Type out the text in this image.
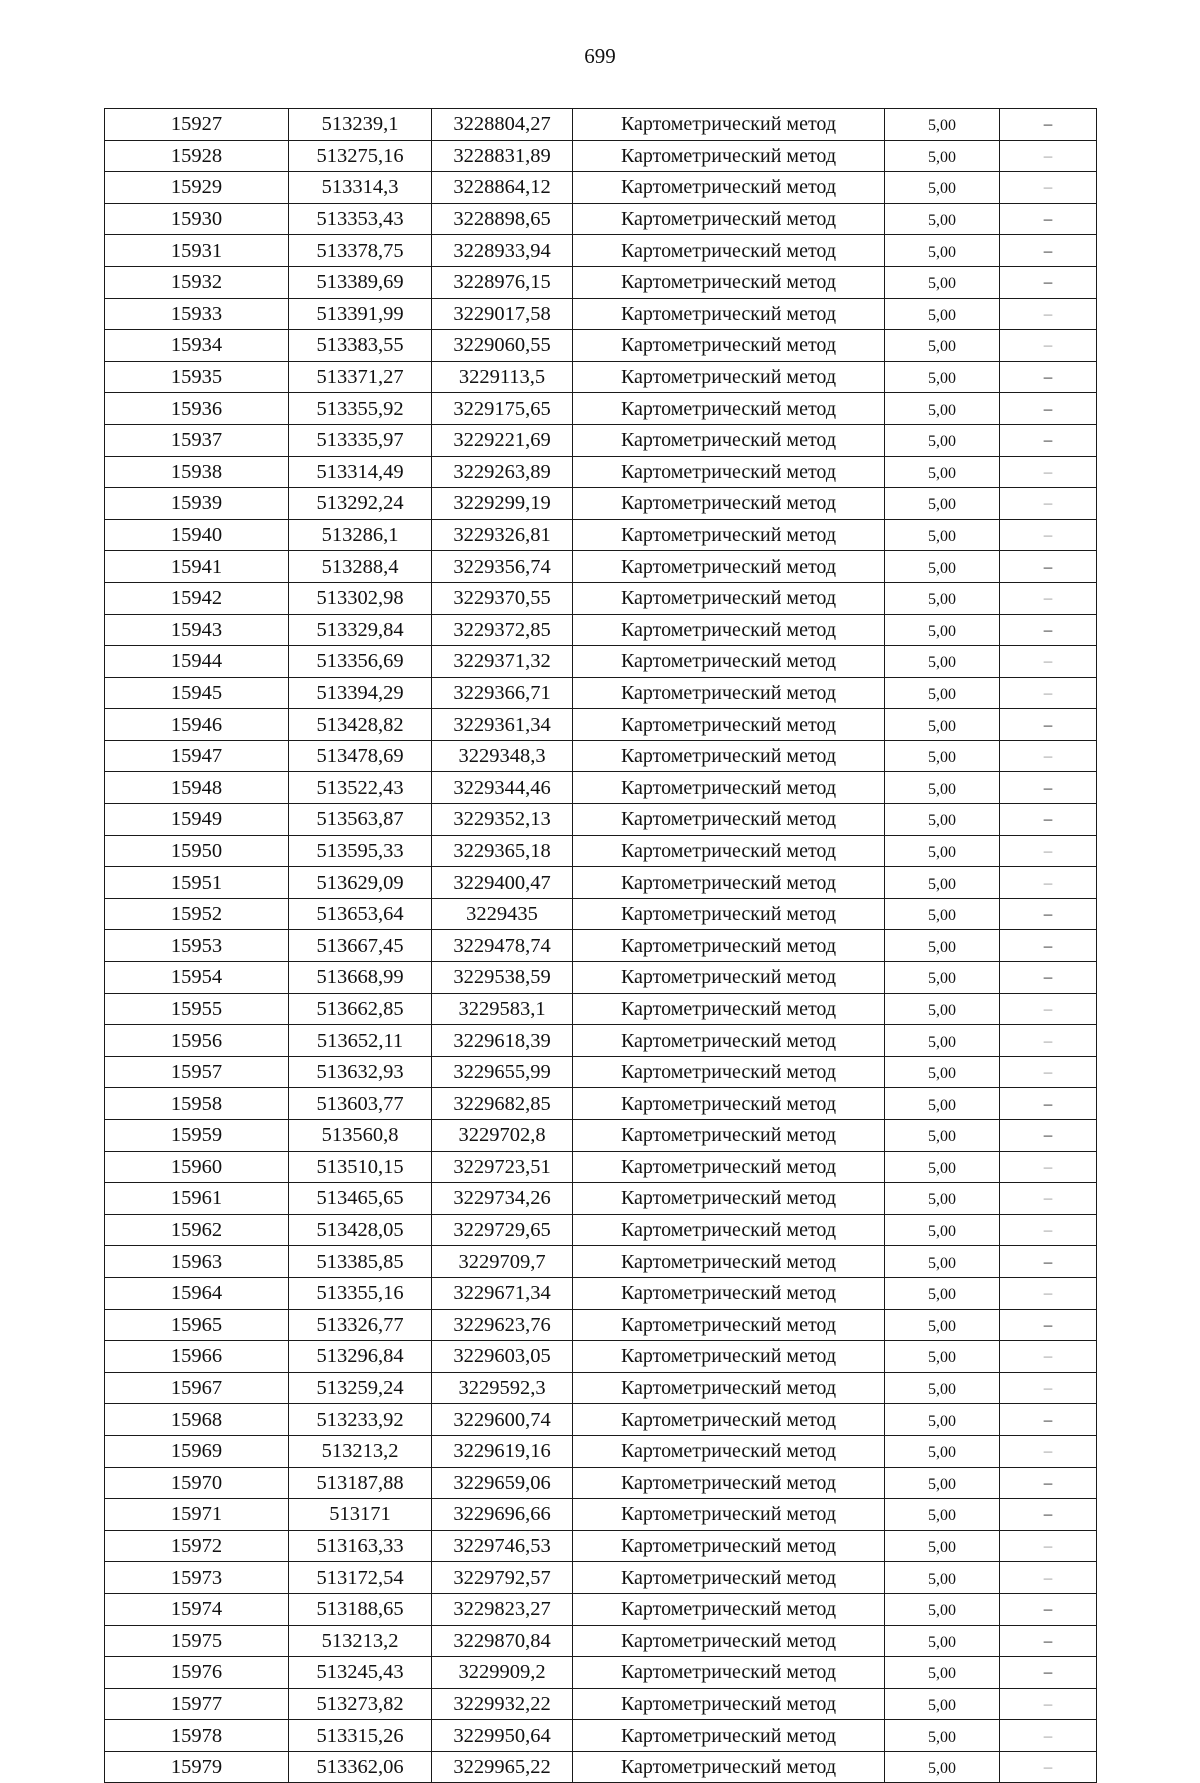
699
15927	513239,1	3228804,27	Картометрический метод	5,00	–
15928	513275,16	3228831,89	Картометрический метод	5,00	–
15929	513314,3	3228864,12	Картометрический метод	5,00	–
15930	513353,43	3228898,65	Картометрический метод	5,00	–
15931	513378,75	3228933,94	Картометрический метод	5,00	–
15932	513389,69	3228976,15	Картометрический метод	5,00	–
15933	513391,99	3229017,58	Картометрический метод	5,00	–
15934	513383,55	3229060,55	Картометрический метод	5,00	–
15935	513371,27	3229113,5	Картометрический метод	5,00	–
15936	513355,92	3229175,65	Картометрический метод	5,00	–
15937	513335,97	3229221,69	Картометрический метод	5,00	–
15938	513314,49	3229263,89	Картометрический метод	5,00	–
15939	513292,24	3229299,19	Картометрический метод	5,00	–
15940	513286,1	3229326,81	Картометрический метод	5,00	–
15941	513288,4	3229356,74	Картометрический метод	5,00	–
15942	513302,98	3229370,55	Картометрический метод	5,00	–
15943	513329,84	3229372,85	Картометрический метод	5,00	–
15944	513356,69	3229371,32	Картометрический метод	5,00	–
15945	513394,29	3229366,71	Картометрический метод	5,00	–
15946	513428,82	3229361,34	Картометрический метод	5,00	–
15947	513478,69	3229348,3	Картометрический метод	5,00	–
15948	513522,43	3229344,46	Картометрический метод	5,00	–
15949	513563,87	3229352,13	Картометрический метод	5,00	–
15950	513595,33	3229365,18	Картометрический метод	5,00	–
15951	513629,09	3229400,47	Картометрический метод	5,00	–
15952	513653,64	3229435	Картометрический метод	5,00	–
15953	513667,45	3229478,74	Картометрический метод	5,00	–
15954	513668,99	3229538,59	Картометрический метод	5,00	–
15955	513662,85	3229583,1	Картометрический метод	5,00	–
15956	513652,11	3229618,39	Картометрический метод	5,00	–
15957	513632,93	3229655,99	Картометрический метод	5,00	–
15958	513603,77	3229682,85	Картометрический метод	5,00	–
15959	513560,8	3229702,8	Картометрический метод	5,00	–
15960	513510,15	3229723,51	Картометрический метод	5,00	–
15961	513465,65	3229734,26	Картометрический метод	5,00	–
15962	513428,05	3229729,65	Картометрический метод	5,00	–
15963	513385,85	3229709,7	Картометрический метод	5,00	–
15964	513355,16	3229671,34	Картометрический метод	5,00	–
15965	513326,77	3229623,76	Картометрический метод	5,00	–
15966	513296,84	3229603,05	Картометрический метод	5,00	–
15967	513259,24	3229592,3	Картометрический метод	5,00	–
15968	513233,92	3229600,74	Картометрический метод	5,00	–
15969	513213,2	3229619,16	Картометрический метод	5,00	–
15970	513187,88	3229659,06	Картометрический метод	5,00	–
15971	513171	3229696,66	Картометрический метод	5,00	–
15972	513163,33	3229746,53	Картометрический метод	5,00	–
15973	513172,54	3229792,57	Картометрический метод	5,00	–
15974	513188,65	3229823,27	Картометрический метод	5,00	–
15975	513213,2	3229870,84	Картометрический метод	5,00	–
15976	513245,43	3229909,2	Картометрический метод	5,00	–
15977	513273,82	3229932,22	Картометрический метод	5,00	–
15978	513315,26	3229950,64	Картометрический метод	5,00	–
15979	513362,06	3229965,22	Картометрический метод	5,00	–
